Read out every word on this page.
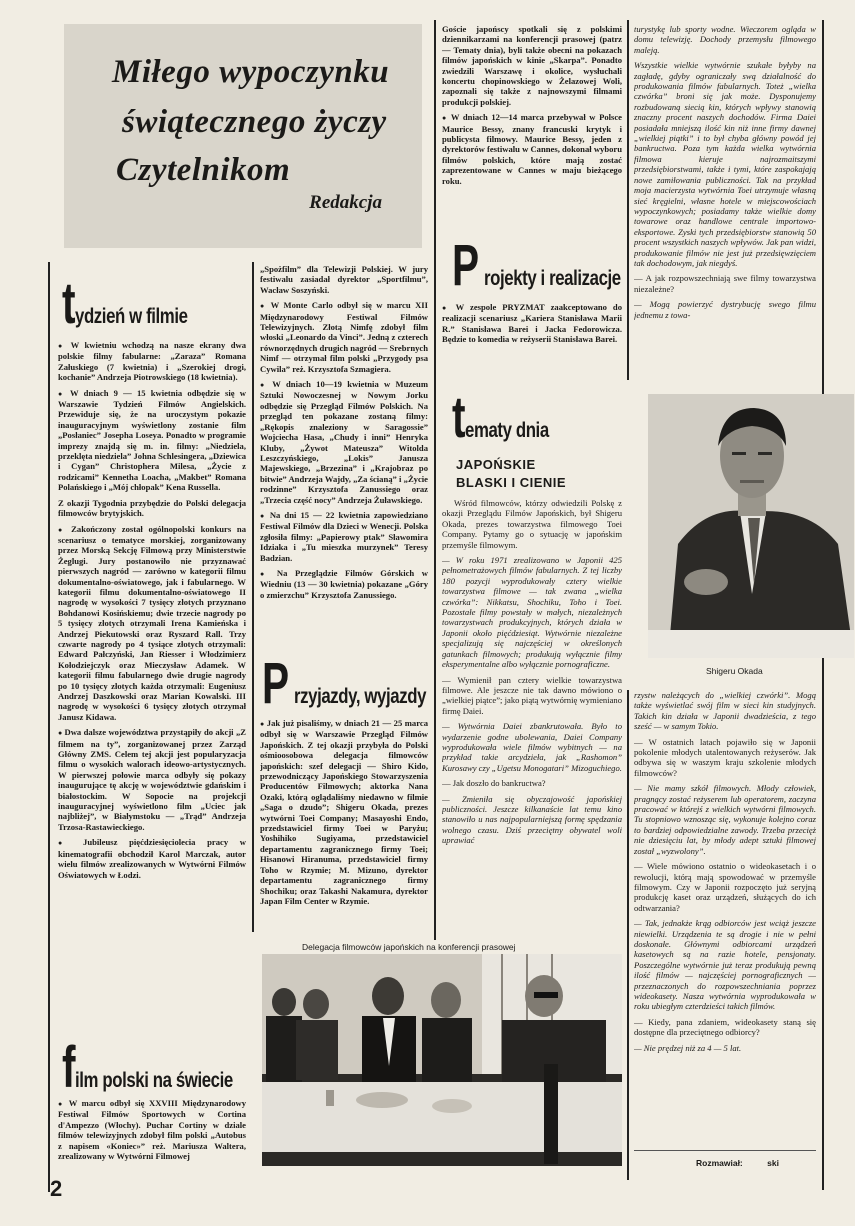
Miłego wypoczynku
świątecznego życzy
Czytelnikom
Redakcja
t ydzień w filmie

● W kwietniu wchodzą na nasze ekrany dwa polskie filmy fabularne: „Zaraza” Romana Załuskiego (7 kwietnia) i „Szerokiej drogi, kochanie” Andrzeja Piotrowskiego (18 kwietnia).

● W dniach 9 — 15 kwietnia odbędzie się w Warszawie Tydzień Filmów Angielskich. Przewiduje się, że na uroczystym pokazie inauguracyjnym wyświetlony zostanie film „Posłaniec” Josepha Loseya. Ponadto w programie imprezy znajdą się m. in. filmy: „Niedziela, przeklęta niedziela” Johna Schlesingera, „Dziewica i Cygan” Christophera Milesa, „Życie z rodzicami” Kennetha Loacha, „Makbet” Romana Polańskiego i „Mój chłopak” Kena Russella.

Z okazji Tygodnia przybędzie do Polski delegacja filmowców brytyjskich.

● Zakończony został ogólnopolski konkurs na scenariusz o tematyce morskiej, zorganizowany przez Morską Sekcję Filmową przy Ministerstwie Żeglugi. Jury postanowiło nie przyznawać pierwszych nagród — zarówno w kategorii filmu dokumentalno-oświatowego, jak i fabularnego. W kategorii filmu dokumentalno-oświatowego II nagrodę w wysokości 7 tysięcy złotych przyznano Bohdanowi Kosińskiemu; dwie trzecie nagrody po 5 tysięcy złotych otrzymali Irena Kamieńska i Andrzej Piekutowski oraz Ryszard Rall. Trzy czwarte nagrody po 4 tysiące złotych otrzymali: Edward Pałczyński, Jan Riesser i Włodzimierz Kołodziejczyk oraz Mieczysław Adamek. W kategorii filmu fabularnego dwie drugie nagrody po 10 tysięcy złotych każda otrzymali: Eugeniusz Andrzej Daszkowski oraz Marian Kowalski. III nagrodę w wysokości 6 tysięcy złotych otrzymał Janusz Kidawa.

● Dwa dalsze województwa przystąpiły do akcji „Z filmem na ty”, zorganizowanej przez Zarząd Główny ZMS. Celem tej akcji jest popularyzacja filmu o wysokich walorach ideowo-artystycznych. W pierwszej połowie marca odbyły się pokazy inaugurujące tę akcję w województwie gdańskim i białostockim. W Sopocie na projekcji inauguracyjnej wyświetlono film „Uciec jak najbliżej”, w Białymstoku — „Trąd” Andrzeja Trzosa-Rastawieckiego.

● Jubileusz pięćdziesięciolecia pracy w kinematografii obchodził Karol Marczak, autor wielu filmów zrealizowanych w Wytwórni Filmów Oświatowych w Łodzi.

f ilm polski na świecie

● W marcu odbył się XXVIII Międzynarodowy Festiwal Filmów Sportowych w Cortina d'Ampezzo (Włochy). Puchar Cortiny w dziale filmów telewizyjnych zdobył film polski „Autobus z napisem «Koniec»” reż. Mariusza Waltera, zrealizowany w Wytwórni Filmowej

„Spożfilm” dla Telewizji Polskiej. W jury festiwalu zasiadał dyrektor „Sportfilmu”, Wacław Soszyński.

● W Monte Carlo odbył się w marcu XII Międzynarodowy Festiwal Filmów Telewizyjnych. Złotą Nimfę zdobył film włoski „Leonardo da Vinci”. Jedną z czterech równorzędnych drugich nagród — Srebrnych Nimf — otrzymał film polski „Przygody psa Cywila” reż. Krzysztofa Szmagiera.

● W dniach 10—19 kwietnia w Muzeum Sztuki Nowoczesnej w Nowym Jorku odbędzie się Przegląd Filmów Polskich. Na przegląd ten pokazane zostaną filmy: „Rękopis znaleziony w Saragossie” Wojciecha Hasa, „Chudy i inni” Henryka Kluby, „Żywot Mateusza” Witolda Leszczyńskiego, „Lokis” Janusza Majewskiego, „Brzezina” i „Krajobraz po bitwie” Andrzeja Wajdy, „Za ścianą” i „Życie rodzinne” Krzysztofa Zanussiego oraz „Trzecia część nocy” Andrzeja Żuławskiego.

● Na dni 15 — 22 kwietnia zapowiedziano Festiwal Filmów dla Dzieci w Wenecji. Polska zgłosiła filmy: „Papierowy ptak” Sławomira Idziaka i „Tu mieszka murzynek” Teresy Badzian.

● Na Przeglądzie Filmów Górskich w Wiedniu (13 — 30 kwietnia) pokazane „Góry o zmierzchu” Krzysztofa Zanussiego.

P rzyjazdy, wyjazdy

● Jak już pisaliśmy, w dniach 21 — 25 marca odbył się w Warszawie Przegląd Filmów Japońskich. Z tej okazji przybyła do Polski ośmioosobowa delegacja filmowców japońskich: szef delegacji — Shiro Kido, przewodniczący Japońskiego Stowarzyszenia Producentów Filmowych; aktorka Nana Ozaki, którą oglądaliśmy niedawno w filmie „Saga o dzudo”; Shigeru Okada, prezes wytwórni Toei Company; Masayoshi Endo, przedstawiciel firmy Toei w Paryżu; Yoshihiko Sugiyama, przedstawiciel departamentu zagranicznego firmy Toei; Hisanowi Hiranuma, przedstawiciel firmy Toho w Rzymie; M. Mizuno, dyrektor departamentu zagranicznego firmy Shochiku; oraz Takashi Nakamura, dyrektor Japan Film Center w Rzymie.

Goście japońscy spotkali się z polskimi dziennikarzami na konferencji prasowej (patrz — Tematy dnia), byli także obecni na pokazach filmów japońskich w kinie „Skarpa”. Ponadto zwiedzili Warszawę i okolice, wysłuchali koncertu chopinowskiego w Żelazowej Woli, zapoznali się także z najnowszymi filmami produkcji polskiej.

● W dniach 12—14 marca przebywał w Polsce Maurice Bessy, znany francuski krytyk i publicysta filmowy. Maurice Bessy, jeden z dyrektorów festiwalu w Cannes, dokonał wyboru filmów polskich, które mają zostać zaprezentowane w Cannes w maju bieżącego roku.

P rojekty i realizacje

● W zespole PRYZMAT zaakceptowano do realizacji scenariusz „Kariera Stanisława Marii R.” Stanisława Barei i Jacka Fedorowicza. Będzie to komedia w reżyserii Stanisława Barei.

t ematy dnia
JAPOŃSKIE
BLASKI I CIENIE

Wśród filmowców, którzy odwiedzili Polskę z okazji Przeglądu Filmów Japońskich, był Shigeru Okada, prezes towarzystwa filmowego Toei Company. Pytamy go o sytuację w japońskim przemyśle filmowym.

— W roku 1971 zrealizowano w Japonii 425 pełnometrażowych filmów fabularnych. Z tej liczby 180 pozycji wyprodukowały cztery wielkie towarzystwa filmowe — tak zwana „wielka czwórka”: Nikkatsu, Shochiku, Toho i Toei. Pozostałe filmy powstały w małych, niezależnych towarzystwach produkcyjnych, których działa w Japonii około pięćdziesiąt. Wytwórnie niezależne specjalizują się najczęściej w określonych gatunkach filmowych; produkują wyłącznie filmy eksperymentalne albo wyłącznie pornograficzne.

— Wymienił pan cztery wielkie towarzystwa filmowe. Ale jeszcze nie tak dawno mówiono o „wielkiej piątce”; jako piątą wytwórnię wymieniano firmę Daiei.

— Wytwórnia Daiei zbankrutowała. Było to wydarzenie godne ubolewania, Daiei Company wyprodukowała wiele filmów wybitnych — na przykład takie arcydzieła, jak „Rashomon” Kurosawy czy „Ugetsu Monogatari” Mizoguchiego.

— Jak doszło do bankructwa?

— Zmieniła się obyczajowość japońskiej publiczności. Jeszcze kilkanaście lat temu kino stanowiło u nas najpopularniejszą formę spędzania wolnego czasu. Dziś przeciętny obywatel woli uprawiać

turystykę lub sporty wodne. Wieczorem ogląda w domu telewizję. Dochody przemysłu filmowego maleją.

Wszystkie wielkie wytwórnie szukałe byłyby na zagładę, gdyby ograniczały swą działalność do produkowania filmów fabularnych. Toteż „wielka czwórka” broni się jak może. Dysponujemy rozbudowaną siecią kin, których wpływy stanowią znaczny procent naszych dochodów. Firma Daiei posiadała mniejszą ilość kin niż inne firmy dawnej „wielkiej piątki” i to był chyba główny powód jej bankructwa. Poza tym każda wielka wytwórnia filmowa kieruje najrozmaitszymi przedsiębiorstwami, także i tymi, które zaspokajają nowe zamiłowania publiczności. Tak na przykład moja macierzysta wytwórnia Toei utrzymuje własną sieć kręgielni, własne hotele w miejscowościach wypoczynkowych; posiadamy także wielkie domy towarowe oraz handlowe centrale importowo-eksportowe. Zyski tych przedsiębiorstw stanowią 50 procent wszystkich naszych wpływów. Jak pan widzi, produkowanie filmów nie jest już przedsięwzięciem tak dochodowym, jak niegdyś.

— A jak rozpowszechniają swe filmy towarzystwa niezależne?

— Mogą powierzyć dystrybucję swego filmu jednemu z towa-

Shigeru Okada

rzystw należących do „wielkiej czwórki”. Mogą także wyświetlać swój film w sieci kin studyjnych. Takich kin działa w Japonii dwadzieścia, z tego sześć — w samym Tokio.

— W ostatnich latach pojawiło się w Japonii pokolenie młodych utalentowanych reżyserów. Jak odbywa się w waszym kraju szkolenie młodych filmowców?

— Nie mamy szkół filmowych. Młody człowiek, pragnący zostać reżyserem lub operatorem, zaczyna pracować w którejś z wielkich wytwórni filmowych. Tu stopniowo wznosząc się, wykonuje kolejno coraz to bardziej odpowiedzialne zawody. Trzeba przecięż nie dziesięciu lat, by młody adept sztuki filmowej został „wyzwolony”.

— Wiele mówiono ostatnio o wideokasetach i o rewolucji, którą mają spowodować w przemyśle filmowym. Czy w Japonii rozpoczęto już seryjną produkcję kaset oraz urządzeń, służących do ich odtwarzania?

— Tak, jednakże krąg odbiorców jest wciąż jeszcze niewielki. Urządzenia te są drogie i nie w pełni doskonałe. Głównymi odbiorcami urządzeń kasetowych są na razie hotele, pensjonaty. Poszczególne wytwórnie już teraz produkują pewną ilość filmów — najczęściej pornograficznych — przeznaczonych do rozpowszechniania poprzez wideokasety. Nasza wytwórnia wyprodukowała w roku ubiegłym czterdzieści takich filmów.

— Kiedy, pana zdaniem, wideokasety staną się dostępne dla przeciętnego odbiorcy?

— Nie prędzej niż za 4 — 5 lat.

Rozmawiał:	ski
Delegacja filmowców japońskich na konferencji prasowej
2
